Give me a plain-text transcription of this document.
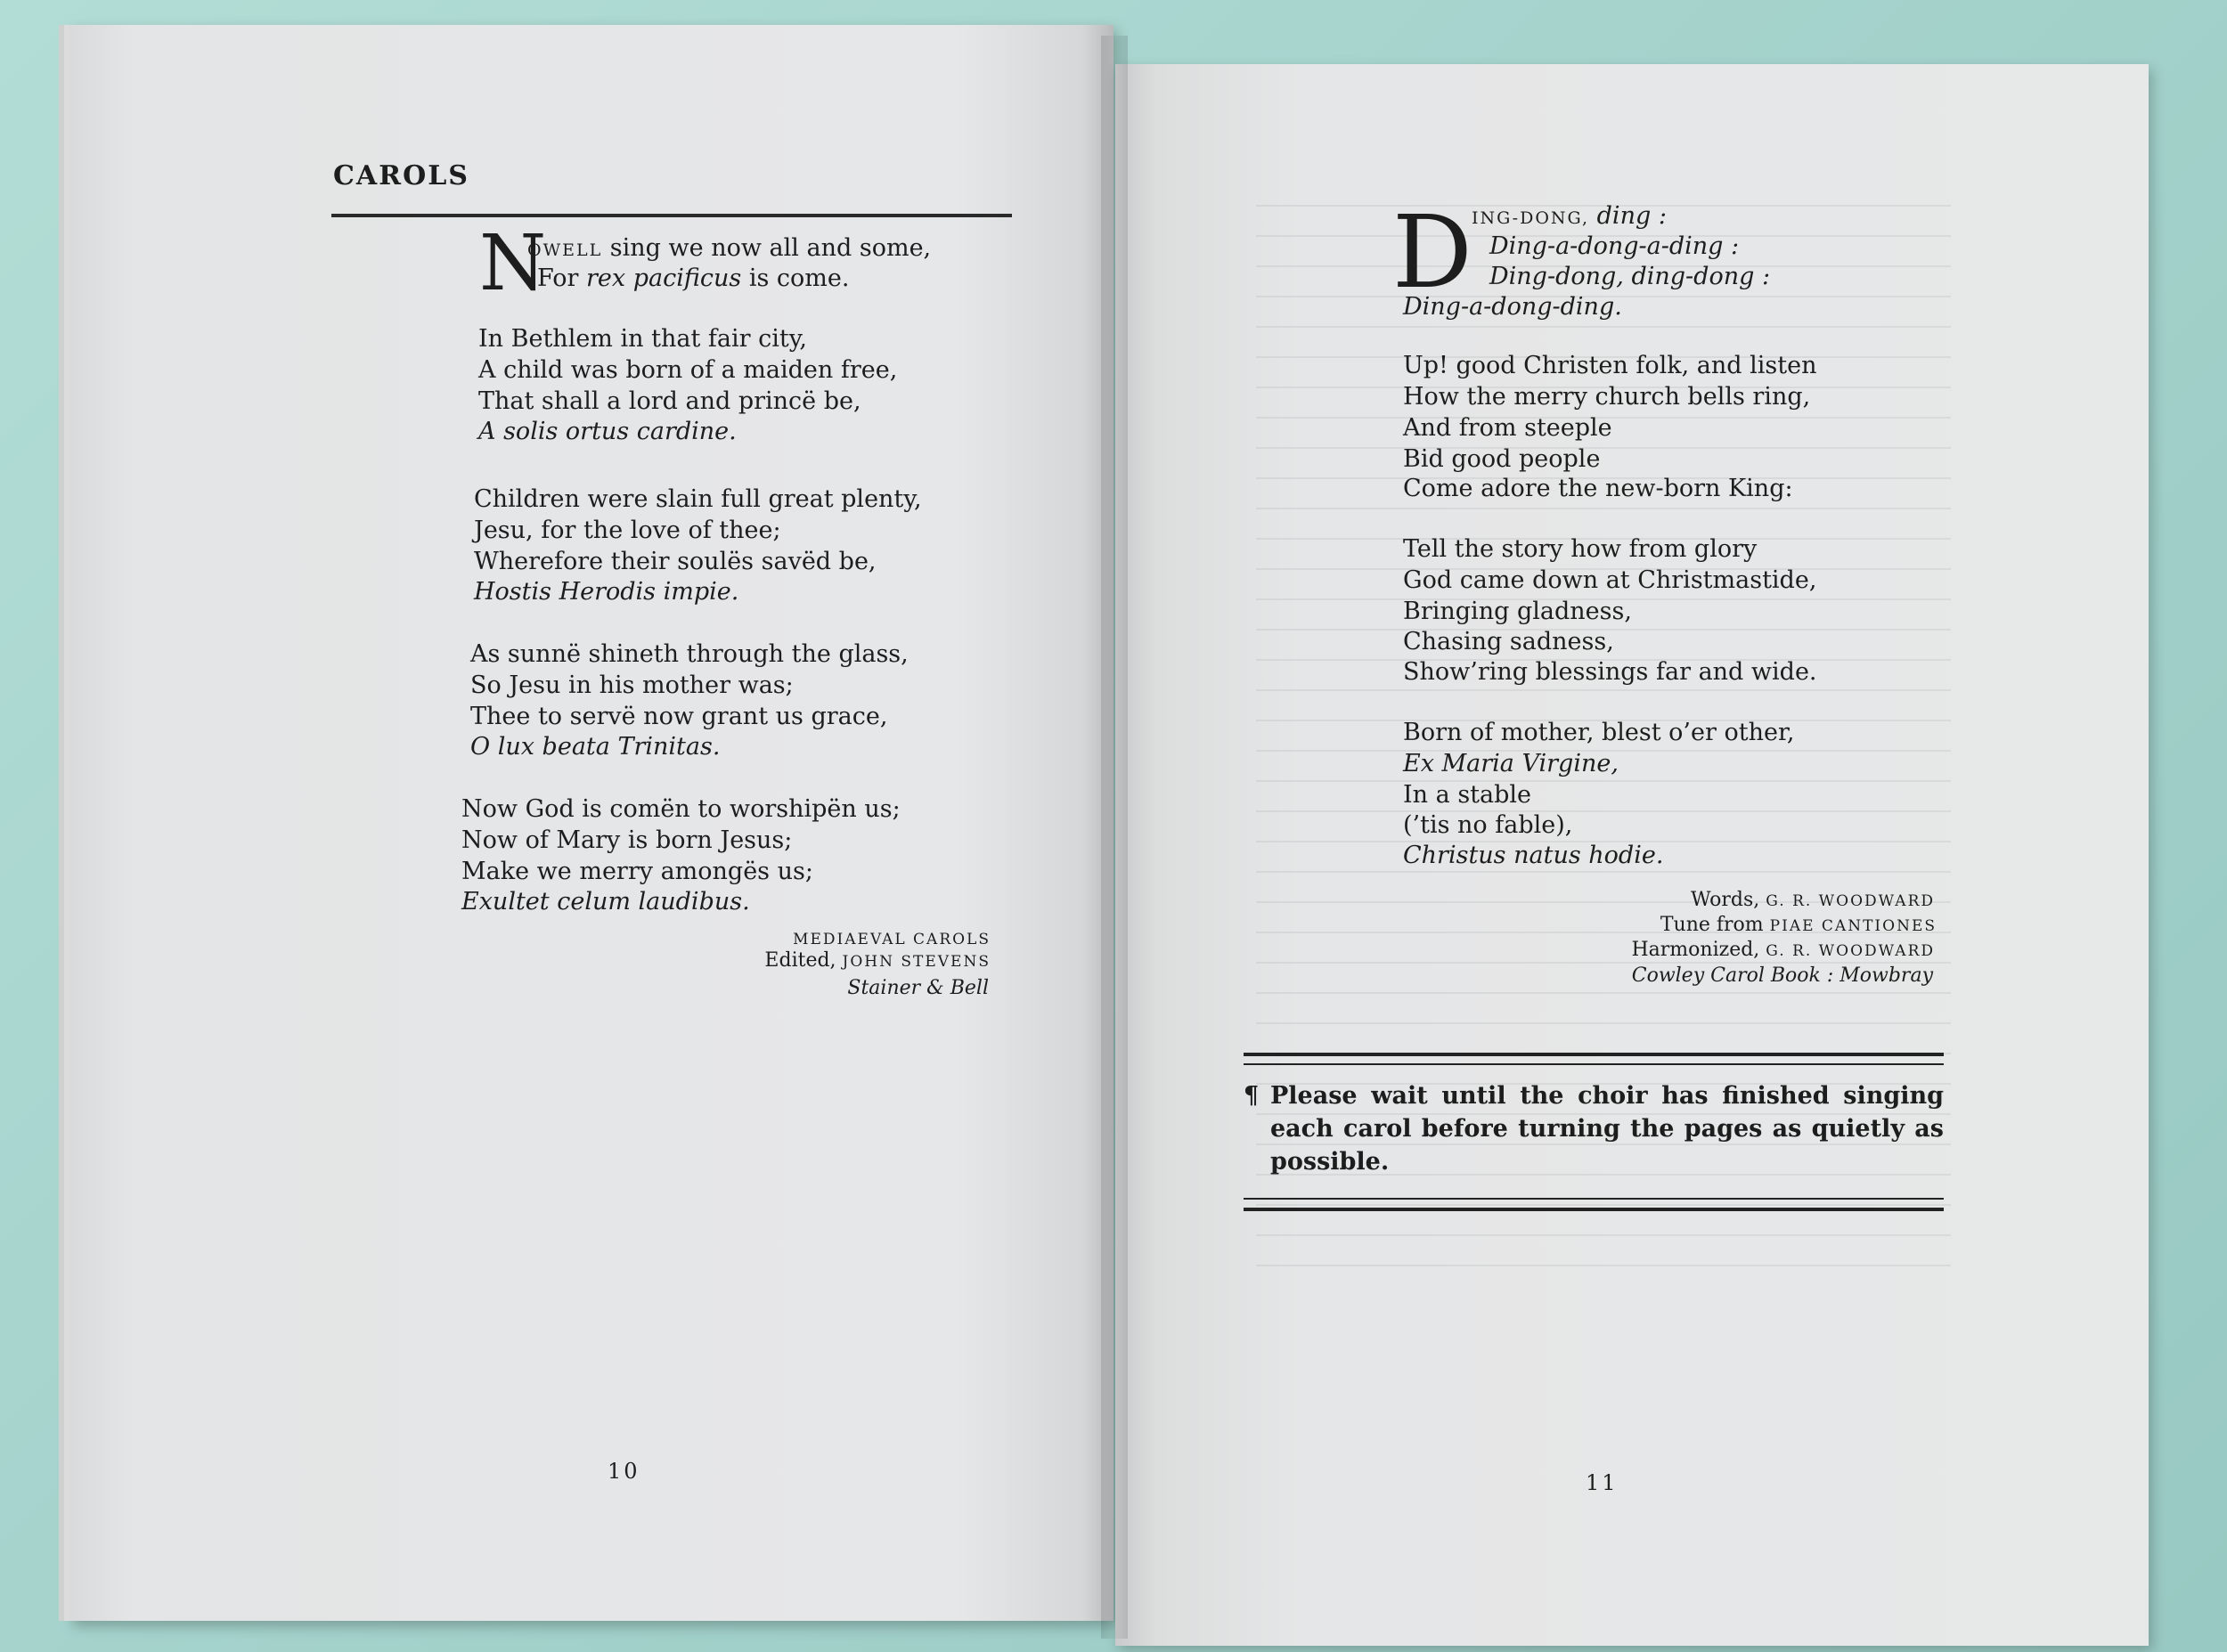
CAROLS
N
OWELL sing we now all and some,
For rex pacificus is come.
In Bethlem in that fair city,
A child was born of a maiden free,
That shall a lord and princë be,
A solis ortus cardine.
Children were slain full great plenty,
Jesu, for the love of thee;
Wherefore their soulës savëd be,
Hostis Herodis impie.
As sunnë shineth through the glass,
So Jesu in his mother was;
Thee to servë now grant us grace,
O lux beata Trinitas.
Now God is comën to worshipën us;
Now of Mary is born Jesus;
Make we merry amongës us;
Exultet celum laudibus.
MEDIAEVAL CAROLS
Edited, JOHN STEVENS
Stainer & Bell
10
D ING-DONG, ding :
Ding-a-dong-a-ding :
Ding-dong, ding-dong :
Ding-a-dong-ding.
Up! good Christen folk, and listen
How the merry church bells ring,
And from steeple
Bid good people
Come adore the new-born King:
Tell the story how from glory
God came down at Christmastide,
Bringing gladness,
Chasing sadness,
Show’ring blessings far and wide.
Born of mother, blest o’er other,
Ex Maria Virgine,
In a stable
(’tis no fable),
Christus natus hodie.
Words, G. R. WOODWARD
Tune from PIAE CANTIONES
Harmonized, G. R. WOODWARD
Cowley Carol Book : Mowbray
¶ Please wait until the choir has finished singing each carol before turning the pages as quietly as possible.
11
